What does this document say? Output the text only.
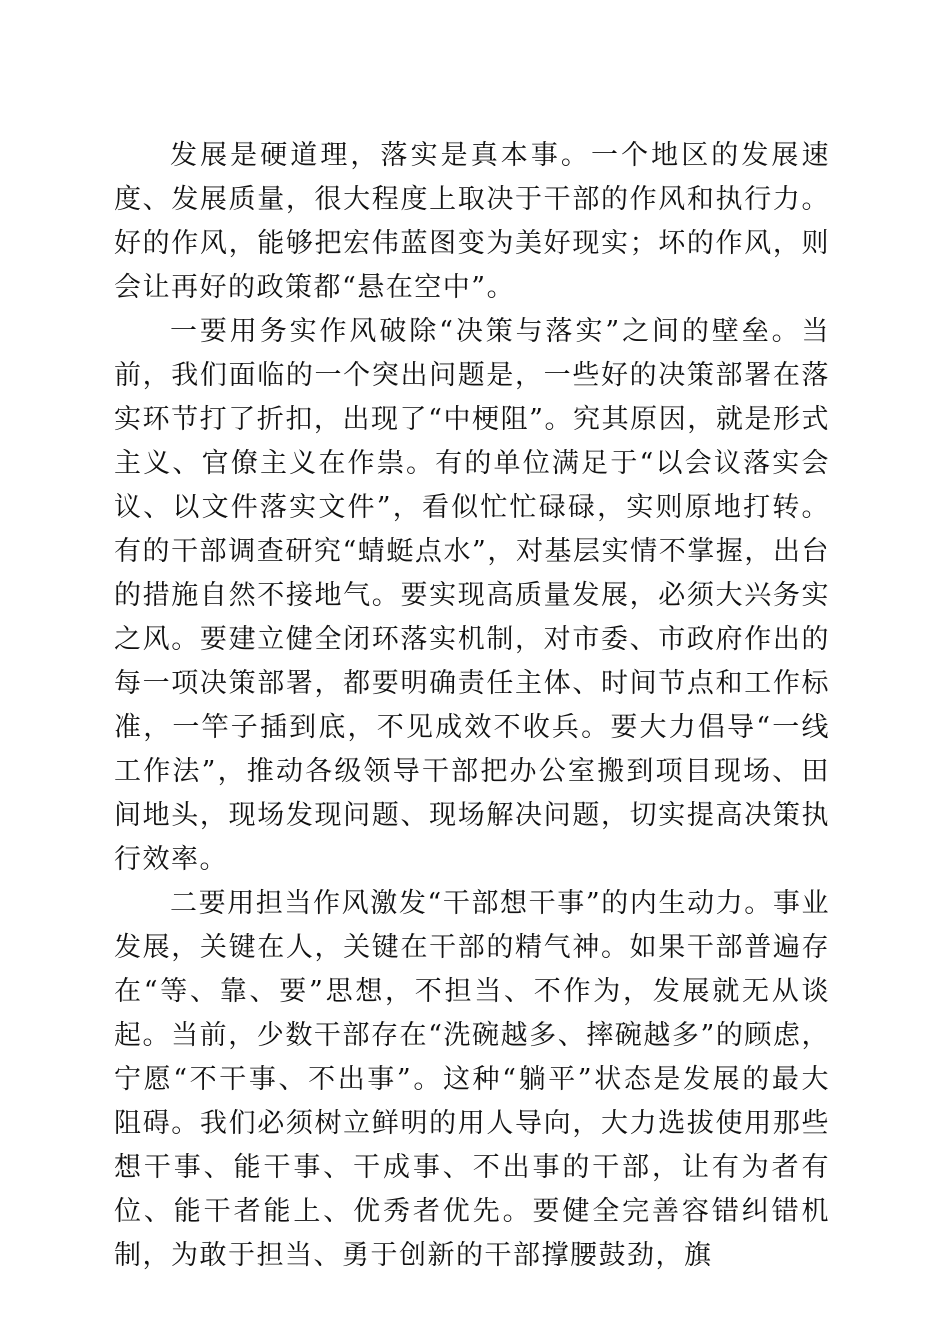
发展是硬道理，落实是真本事。一个地区的发展速度、发展质量，很大程度上取决于干部的作风和执行力。好的作风，能够把宏伟蓝图变为美好现实；坏的作风，则会让再好的政策都“悬在空中”。

一要用务实作风破除“决策与落实”之间的壁垒。当前，我们面临的一个突出问题是，一些好的决策部署在落实环节打了折扣，出现了“中梗阻”。究其原因，就是形式主义、官僚主义在作祟。有的单位满足于“以会议落实会议、以文件落实文件”，看似忙忙碌碌，实则原地打转。有的干部调查研究“蜻蜓点水”，对基层实情不掌握，出台的措施自然不接地气。要实现高质量发展，必须大兴务实之风。要建立健全闭环落实机制，对市委、市政府作出的每一项决策部署，都要明确责任主体、时间节点和工作标准，一竿子插到底，不见成效不收兵。要大力倡导“一线工作法”，推动各级领导干部把办公室搬到项目现场、田间地头，现场发现问题、现场解决问题，切实提高决策执行效率。

二要用担当作风激发“干部想干事”的内生动力。事业发展，关键在人，关键在干部的精气神。如果干部普遍存在“等、靠、要”思想，不担当、不作为，发展就无从谈起。当前，少数干部存在“洗碗越多、摔碗越多”的顾虑，宁愿“不干事、不出事”。这种“躺平”状态是发展的最大阻碍。我们必须树立鲜明的用人导向，大力选拔使用那些想干事、能干事、干成事、不出事的干部，让有为者有位、能干者能上、优秀者优先。要健全完善容错纠错机制，为敢于担当、勇于创新的干部撑腰鼓劲，旗
